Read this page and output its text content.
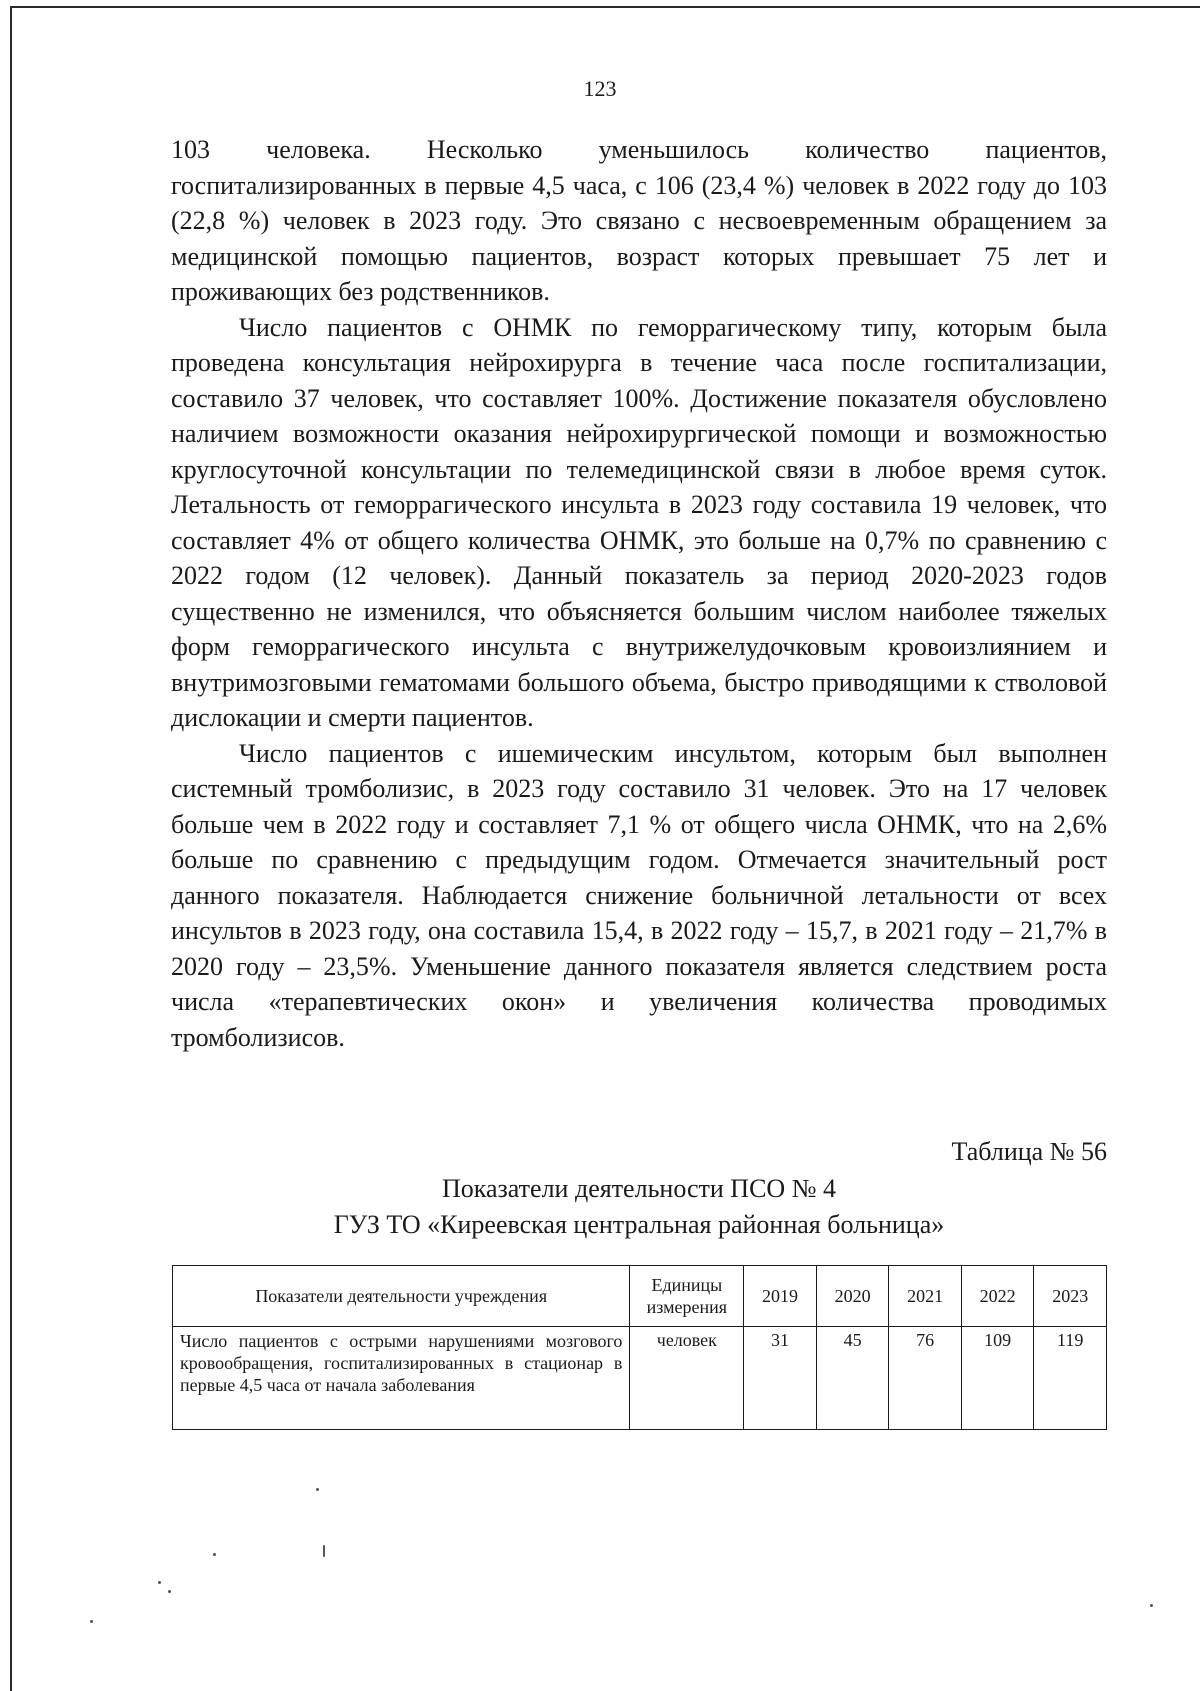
123

103 человека. Несколько уменьшилось количество пациентов, госпитализированных в первые 4,5 часа, с 106 (23,4 %) человек в 2022 году до 103 (22,8 %) человек в 2023 году. Это связано с несвоевременным обращением за медицинской помощью пациентов, возраст которых превышает 75 лет и проживающих без родственников.

Число пациентов с ОНМК по геморрагическому типу, которым была проведена консультация нейрохирурга в течение часа после госпитализации, составило 37 человек, что составляет 100%. Достижение показателя обусловлено наличием возможности оказания нейрохирургической помощи и возможностью круглосуточной консультации по телемедицинской связи в любое время суток. Летальность от геморрагического инсульта в 2023 году составила 19 человек, что составляет 4% от общего количества ОНМК, это больше на 0,7% по сравнению с 2022 годом (12 человек). Данный показатель за период 2020-2023 годов существенно не изменился, что объясняется большим числом наиболее тяжелых форм геморрагического инсульта с внутрижелудочковым кровоизлиянием и внутримозговыми гематомами большого объема, быстро приводящими к стволовой дислокации и смерти пациентов.

Число пациентов с ишемическим инсультом, которым был выполнен системный тромболизис, в 2023 году составило 31 человек. Это на 17 человек больше чем в 2022 году и составляет 7,1 % от общего числа ОНМК, что на 2,6% больше по сравнению с предыдущим годом. Отмечается значительный рост данного показателя. Наблюдается снижение больничной летальности от всех инсультов в 2023 году, она составила 15,4, в 2022 году – 15,7, в 2021 году – 21,7% в 2020 году – 23,5%. Уменьшение данного показателя является следствием роста числа «терапевтических окон» и увеличения количества проводимых тромболизисов.

Таблица № 56
Показатели деятельности ПСО № 4
ГУЗ ТО «Киреевская центральная районная больница»
Показатели деятельности учреждения	Единицы измерения	2019	2020	2021	2022	2023
Число пациентов с острыми нарушениями мозгового кровообращения, госпитализированных в стационар в первые 4,5 часа от начала заболевания	человек	31	45	76	109	119
